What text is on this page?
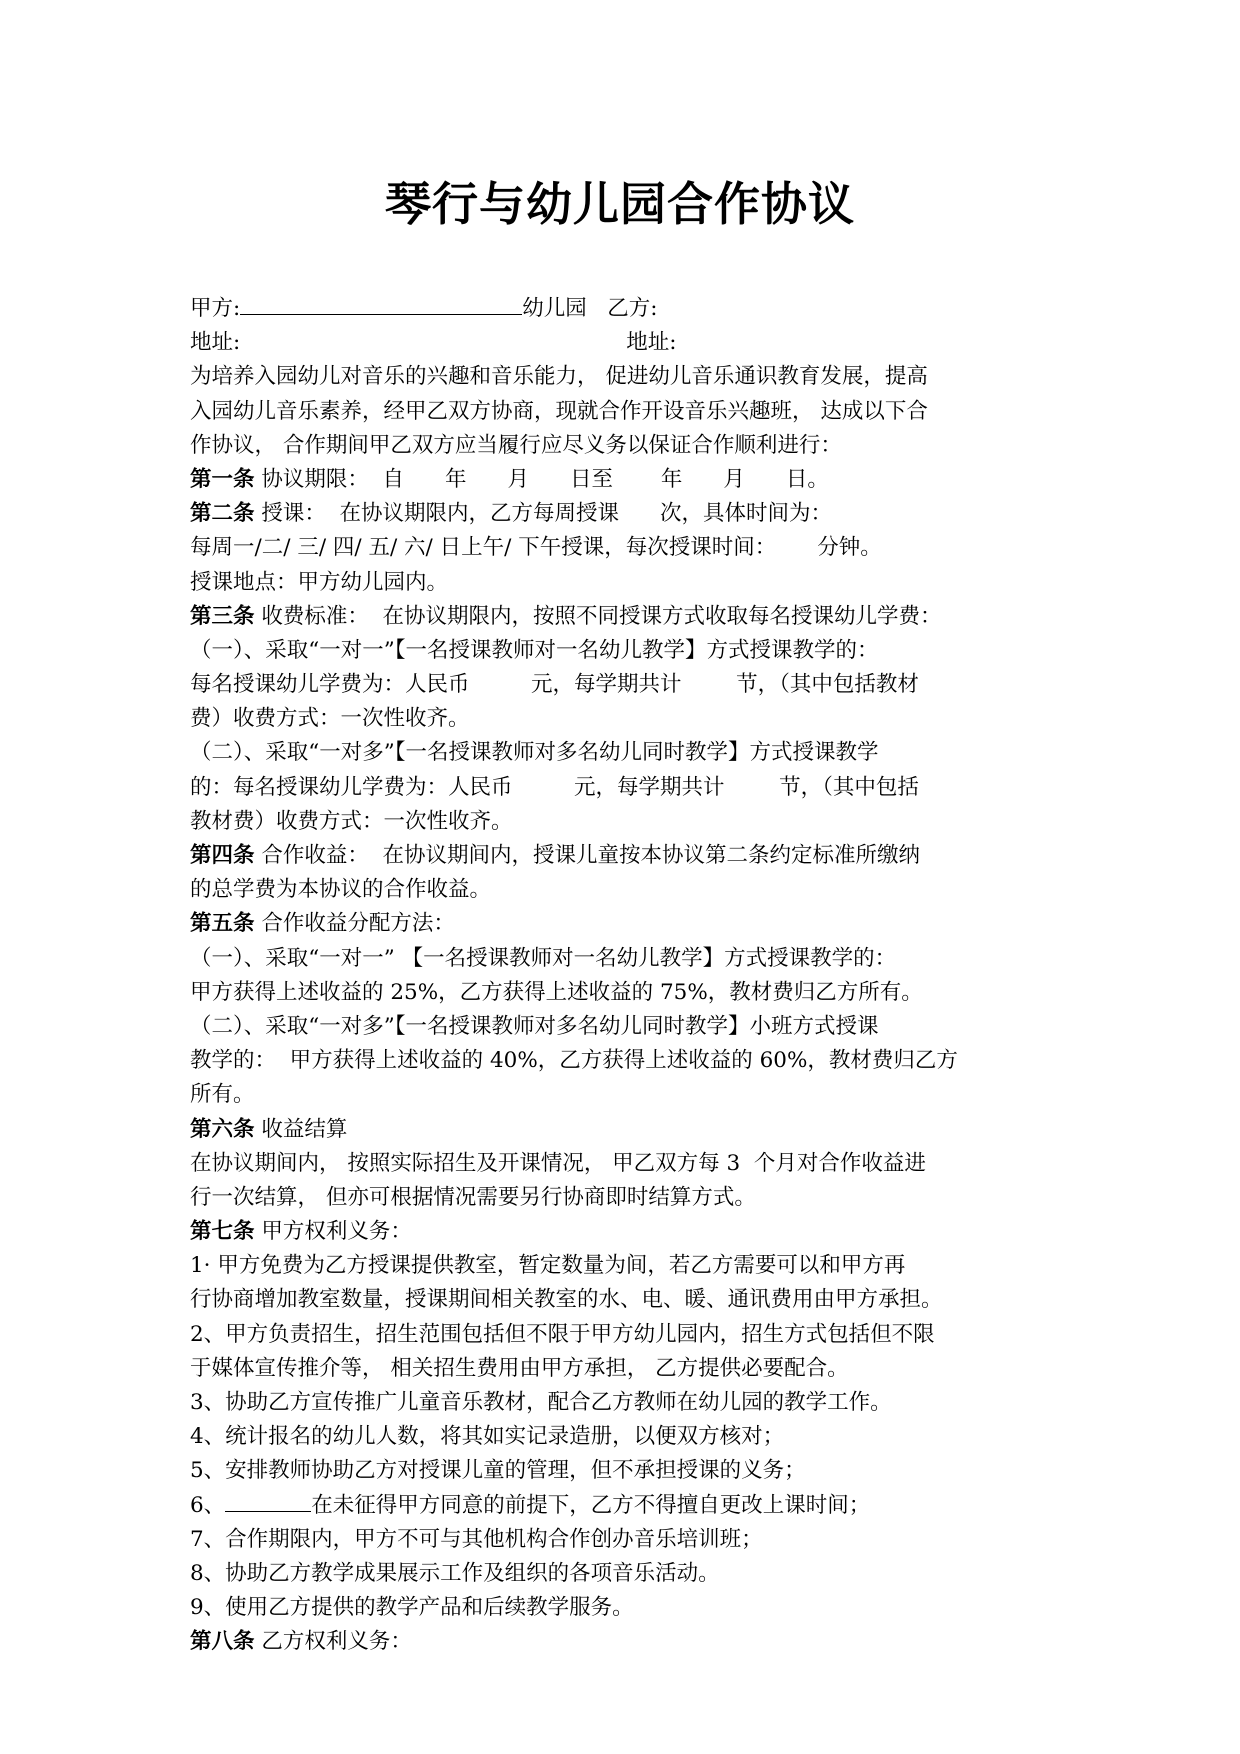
琴行与幼儿园合作协议
甲方:	幼儿园 乙方:
地址:	地址:
为培养入园幼儿对音乐的兴趣和音乐能力， 促进幼儿音乐通识教育发展，提高
入园幼儿音乐素养，经甲乙双方协商，现就合作开设音乐兴趣班， 达成以下合
作协议， 合作期间甲乙双方应当履行应尽义务以保证合作顺利进行：
第一条 协议期限：  自      年      月      日至       年      月      日。
第二条 授课：  在协议期限内，乙方每周授课      次，具体时间为：
每周一/二/ 三/ 四/ 五/ 六/ 日上午/ 下午授课，每次授课时间：      分钟。
授课地点：甲方幼儿园内。
第三条 收费标准：  在协议期限内，按照不同授课方式收取每名授课幼儿学费：
（一）、采取“一对一”【一名授课教师对一名幼儿教学】方式授课教学的：
每名授课幼儿学费为：人民币         元，每学期共计        节，（其中包括教材
费）收费方式：一次性收齐。
（二）、采取“一对多”【一名授课教师对多名幼儿同时教学】方式授课教学
的：每名授课幼儿学费为：人民币         元，每学期共计        节，（其中包括
教材费）收费方式：一次性收齐。
第四条 合作收益：  在协议期间内，授课儿童按本协议第二条约定标准所缴纳
的总学费为本协议的合作收益。
第五条 合作收益分配方法：
（一）、采取“一对一” 【一名授课教师对一名幼儿教学】方式授课教学的：
甲方获得上述收益的 25%，乙方获得上述收益的 75%，教材费归乙方所有。
（二）、采取“一对多”【一名授课教师对多名幼儿同时教学】小班方式授课
教学的：  甲方获得上述收益的 40%，乙方获得上述收益的 60%，教材费归乙方
所有。
第六条 收益结算
在协议期间内， 按照实际招生及开课情况， 甲乙双方每 3  个月对合作收益进
行一次结算， 但亦可根据情况需要另行协商即时结算方式。
第七条 甲方权利义务：
1· 甲方免费为乙方授课提供教室，暂定数量为间，若乙方需要可以和甲方再
行协商增加教室数量，授课期间相关教室的水、电、暖、通讯费用由甲方承担。
2、甲方负责招生，招生范围包括但不限于甲方幼儿园内，招生方式包括但不限
于媒体宣传推介等， 相关招生费用由甲方承担， 乙方提供必要配合。
3、协助乙方宣传推广儿童音乐教材，配合乙方教师在幼儿园的教学工作。
4、统计报名的幼儿人数，将其如实记录造册，以便双方核对；
5、安排教师协助乙方对授课儿童的管理，但不承担授课的义务；
6、	在未征得甲方同意的前提下，乙方不得擅自更改上课时间；
7、合作期限内，甲方不可与其他机构合作创办音乐培训班；
8、协助乙方教学成果展示工作及组织的各项音乐活动。
9、使用乙方提供的教学产品和后续教学服务。
第八条 乙方权利义务：
